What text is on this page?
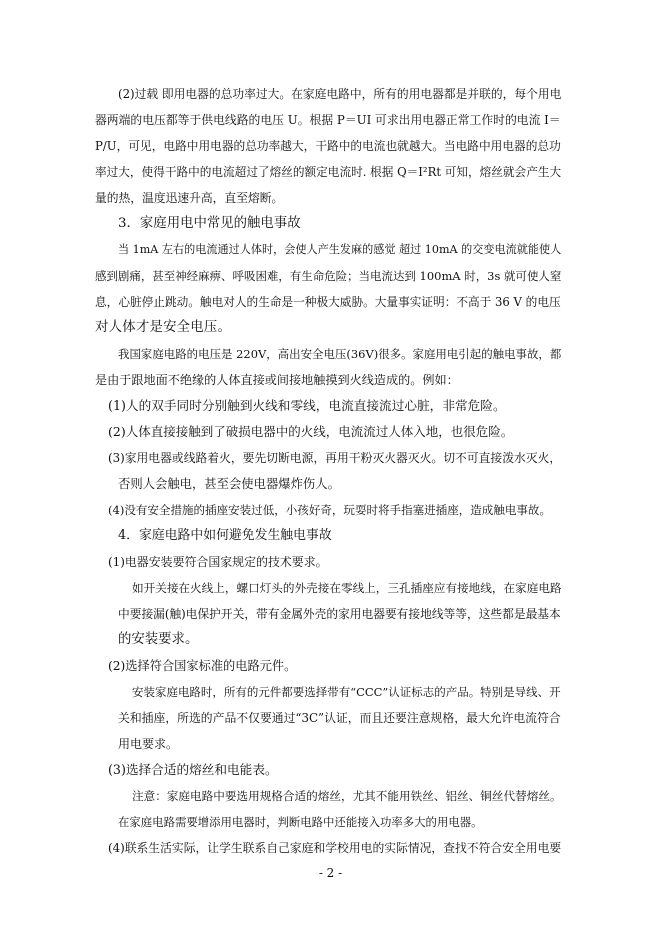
(2)过载 即用电器的总功率过大。在家庭电路中，所有的用电器都是并联的，每个用电
器两端的电压都等于供电线路的电压 U。根据 P＝UI 可求出用电器正常工作时的电流 I＝
P/U，可见，电路中用电器的总功率越大，干路中的电流也就越大。当电路中用电器的总功
率过大，使得干路中的电流超过了熔丝的额定电流时. 根据 Q＝I²Rt 可知，熔丝就会产生大
量的热，温度迅速升高，直至熔断。
3．家庭用电中常见的触电事故
当 1mA 左右的电流通过人体时，会使人产生发麻的感觉 超过 10mA 的交变电流就能使人
感到剧痛，甚至神经麻痹、呼吸困难，有生命危险；当电流达到 100mA 时，3s 就可使人窒
息，心脏停止跳动。触电对人的生命是一种极大威胁。大量事实证明：不高于 36 V 的电压
对人体才是安全电压。
我国家庭电路的电压是 220V，高出安全电压(36V)很多。家庭用电引起的触电事故，都
是由于跟地面不绝缘的人体直接或间接地触摸到火线造成的。例如：
(1)人的双手同时分别触到火线和零线，电流直接流过心脏，非常危险。
(2)人体直接接触到了破损电器中的火线，电流流过人体入地，也很危险。
(3)家用电器或线路着火，要先切断电源，再用干粉灭火器灭火。切不可直接泼水灭火，
否则人会触电，甚至会使电器爆炸伤人。
(4)没有安全措施的插座安装过低，小孩好奇，玩耍时将手指塞进插座，造成触电事故。
4．家庭电路中如何避免发生触电事故
(1)电器安装要符合国家规定的技术要求。
如开关接在火线上，螺口灯头的外壳接在零线上，三孔插座应有接地线，在家庭电路
中要接漏(触)电保护开关，带有金属外壳的家用电器要有接地线等等，这些都是最基本
的安装要求。
(2)选择符合国家标准的电路元件。
安装家庭电路时，所有的元件都要选择带有“CCC”认证标志的产品。特别是导线、开
关和插座，所选的产品不仅要通过“3C”认证，而且还要注意规格，最大允许电流符合
用电要求。
(3)选择合适的熔丝和电能表。
注意：家庭电路中要选用规格合适的熔丝，尤其不能用铁丝、铝丝、铜丝代替熔丝。
在家庭电路需要增添用电器时，判断电路中还能接入功率多大的用电器。
(4)联系生活实际，让学生联系自己家庭和学校用电的实际情况，查找不符合安全用电要
- 2 -
